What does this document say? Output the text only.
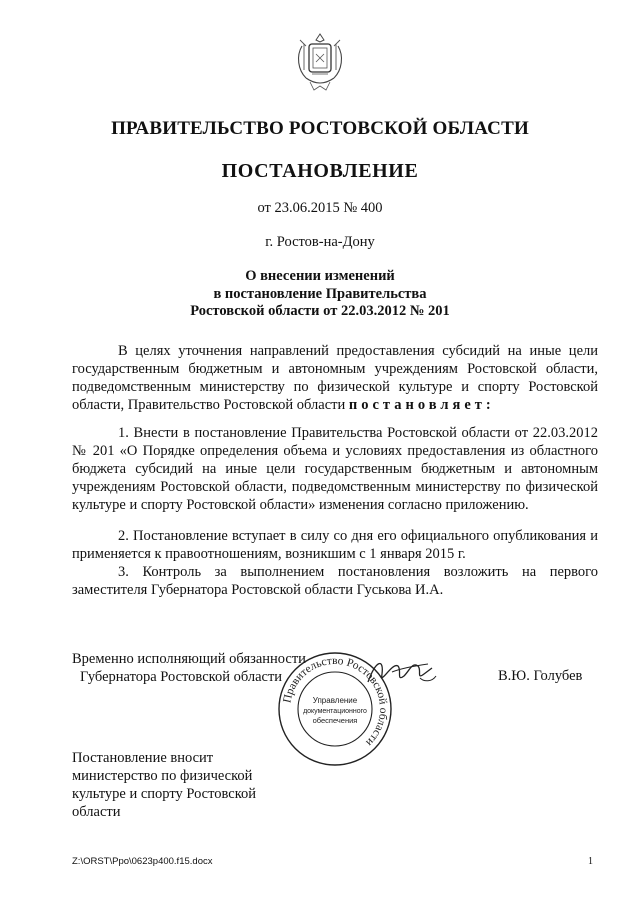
ПРАВИТЕЛЬСТВО РОСТОВСКОЙ ОБЛАСТИ
ПОСТАНОВЛЕНИЕ
от 23.06.2015 № 400
г. Ростов-на-Дону
О внесении изменений
в постановление Правительства
Ростовской области от 22.03.2012 № 201
В целях уточнения направлений предоставления субсидий на иные цели государственным бюджетным и автономным учреждениям Ростовской области, подведомственным министерству по физической культуре и спорту Ростовской области, Правительство Ростовской области постановляет:
1. Внести в постановление Правительства Ростовской области от 22.03.2012 № 201 «О Порядке определения объема и условиях предоставления из областного бюджета субсидий на иные цели государственным бюджетным и автономным учреждениям Ростовской области, подведомственным министерству по физической культуре и спорту Ростовской области» изменения согласно приложению.
2. Постановление вступает в силу со дня его официального опубликования и применяется к правоотношениям, возникшим с 1 января 2015 г.
3. Контроль за выполнением постановления возложить на первого заместителя Губернатора Ростовской области Гуськова И.А.
Временно исполняющий обязанности
Губернатора Ростовской области	В.Ю. Голубев
Правительство Ростовской области
Управление
документационного
обеспечения
Постановление вносит
министерство по физической
культуре и спорту Ростовской
области
Z:\ORST\Ppo\0623p400.f15.docx	1
